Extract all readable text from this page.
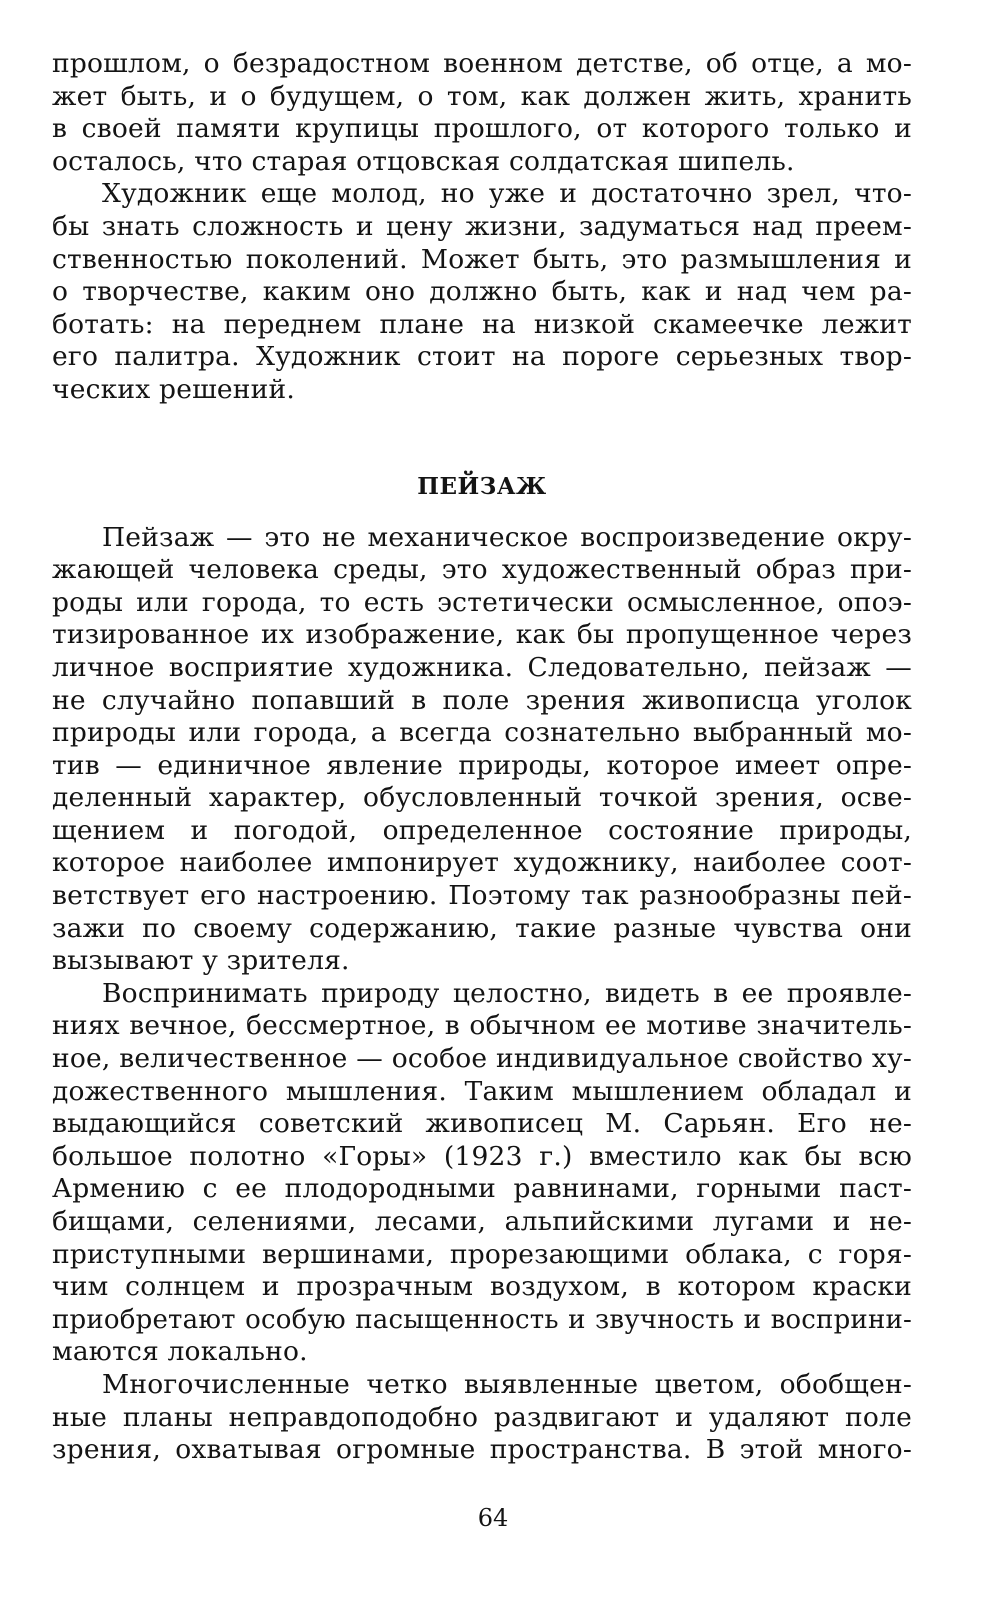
прошлом, о безрадостном военном детстве, об отце, а мо-
жет быть, и о будущем, о том, как должен жить, хранить
в своей памяти крупицы прошлого, от которого только и
осталось, что старая отцовская солдатская шипель.
Художник еще молод, но уже и достаточно зрел, что-
бы знать сложность и цену жизни, задуматься над преем-
ственностью поколений. Может быть, это размышления и
о творчестве, каким оно должно быть, как и над чем ра-
ботать: на переднем плане на низкой скамеечке лежит
его палитра. Художник стоит на пороге серьезных твор-
ческих решений.
ПЕЙЗАЖ
Пейзаж — это не механическое воспроизведение окру-
жающей человека среды, это художественный образ при-
роды или города, то есть эстетически осмысленное, опоэ-
тизированное их изображение, как бы пропущенное через
личное восприятие художника. Следовательно, пейзаж —
не случайно попавший в поле зрения живописца уголок
природы или города, а всегда сознательно выбранный мо-
тив — единичное явление природы, которое имеет опре-
деленный характер, обусловленный точкой зрения, осве-
щением и погодой, определенное состояние природы,
которое наиболее импонирует художнику, наиболее соот-
ветствует его настроению. Поэтому так разнообразны пей-
зажи по своему содержанию, такие разные чувства они
вызывают у зрителя.
Воспринимать природу целостно, видеть в ее проявле-
ниях вечное, бессмертное, в обычном ее мотиве значитель-
ное, величественное — особое индивидуальное свойство ху-
дожественного мышления. Таким мышлением обладал и
выдающийся советский живописец М. Сарьян. Его не-
большое полотно «Горы» (1923 г.) вместило как бы всю
Армению с ее плодородными равнинами, горными паст-
бищами, селениями, лесами, альпийскими лугами и не-
приступными вершинами, прорезающими облака, с горя-
чим солнцем и прозрачным воздухом, в котором краски
приобретают особую пасыщенность и звучность и восприни-
маются локально.
Многочисленные четко выявленные цветом, обобщен-
ные планы неправдоподобно раздвигают и удаляют поле
зрения, охватывая огромные пространства. В этой много-
64
